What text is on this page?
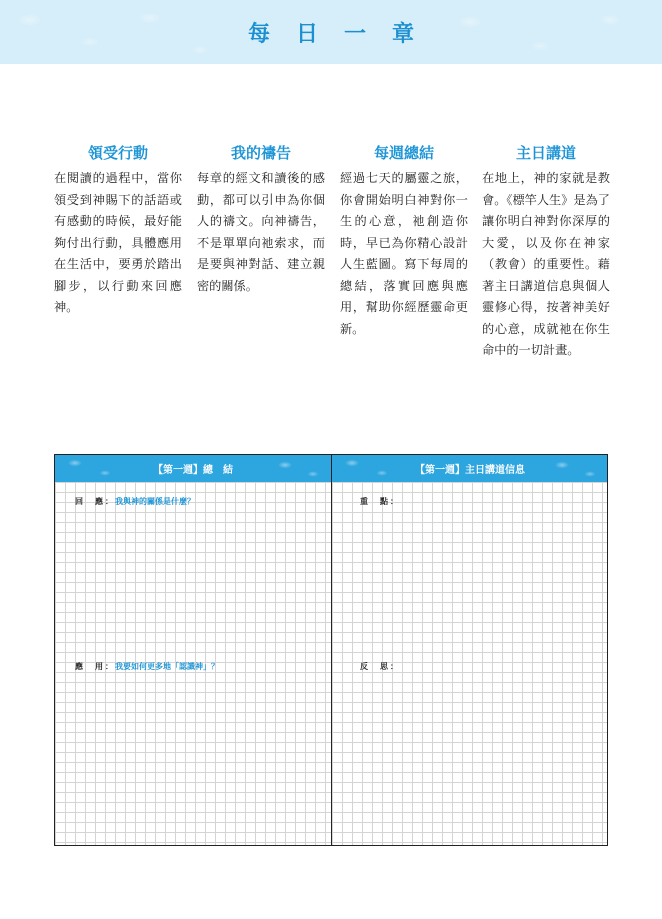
每日一章
領受行動
在閱讀的過程中，當你領受到神賜下的話語或有感動的時候，最好能夠付出行動，具體應用在生活中，要勇於踏出腳步，以行動來回應神。
我的禱告
每章的經文和讀後的感動，都可以引申為你個人的禱文。向神禱告，不是單單向祂索求，而是要與神對話、建立親密的關係。
每週總結
經過七天的屬靈之旅，你會開始明白神對你一生的心意，祂創造你時，早已為你精心設計人生藍圖。寫下每周的總結，落實回應與應用，幫助你經歷靈命更新。
主日講道
在地上，神的家就是教會。《標竿人生》是為了讓你明白神對你深厚的大愛，以及你在神家（教會）的重要性。藉著主日講道信息與個人靈修心得，按著神美好的心意，成就祂在你生命中的一切計畫。
【第一週】總　結
回　應：我與神的關係是什麼？
應　用：我要如何更多地「認識神」？
【第一週】主日講道信息
重　點：
反　思：
